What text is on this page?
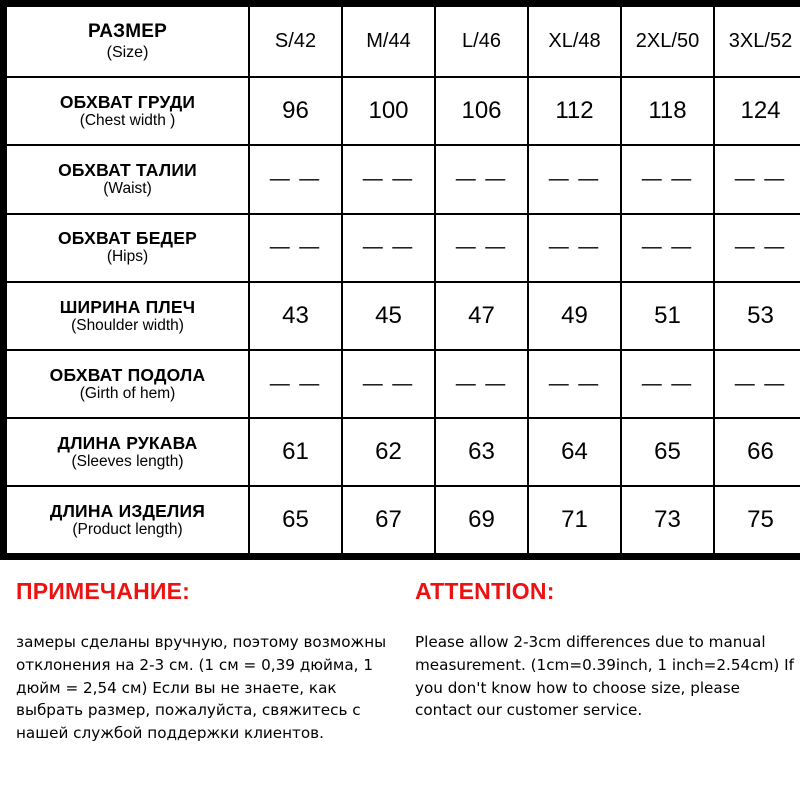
РАЗМЕР
(Size)	S/42	M/44	L/46	XL/48	2XL/50	3XL/52

ОБХВАТ ГРУДИ
(Chest width )	96	100	106	112	118	124

ОБХВАТ ТАЛИИ
(Waist)	— —	— —	— —	— —	— —	— —

ОБХВАТ БЕДЕР
(Hips)	— —	— —	— —	— —	— —	— —

ШИРИНА ПЛЕЧ
(Shoulder width)	43	45	47	49	51	53

ОБХВАТ ПОДОЛА
(Girth of hem)	— —	— —	— —	— —	— —	— —

ДЛИНА РУКАВА
(Sleeves length)	61	62	63	64	65	66

ДЛИНА ИЗДЕЛИЯ
(Product length)	65	67	69	71	73	75
ПРИМЕЧАНИЕ:
замеры сделаны вручную, поэтому возможны отклонения на 2-3 см. (1 см = 0,39 дюйма, 1 дюйм = 2,54 см) Если вы не знаете, как выбрать размер, пожалуйста, свяжитесь с нашей службой поддержки клиентов.
ATTENTION:
Please allow 2-3cm differences due to manual measurement. (1cm=0.39inch, 1 inch=2.54cm) If you don't know how to choose size, please contact our customer service.
